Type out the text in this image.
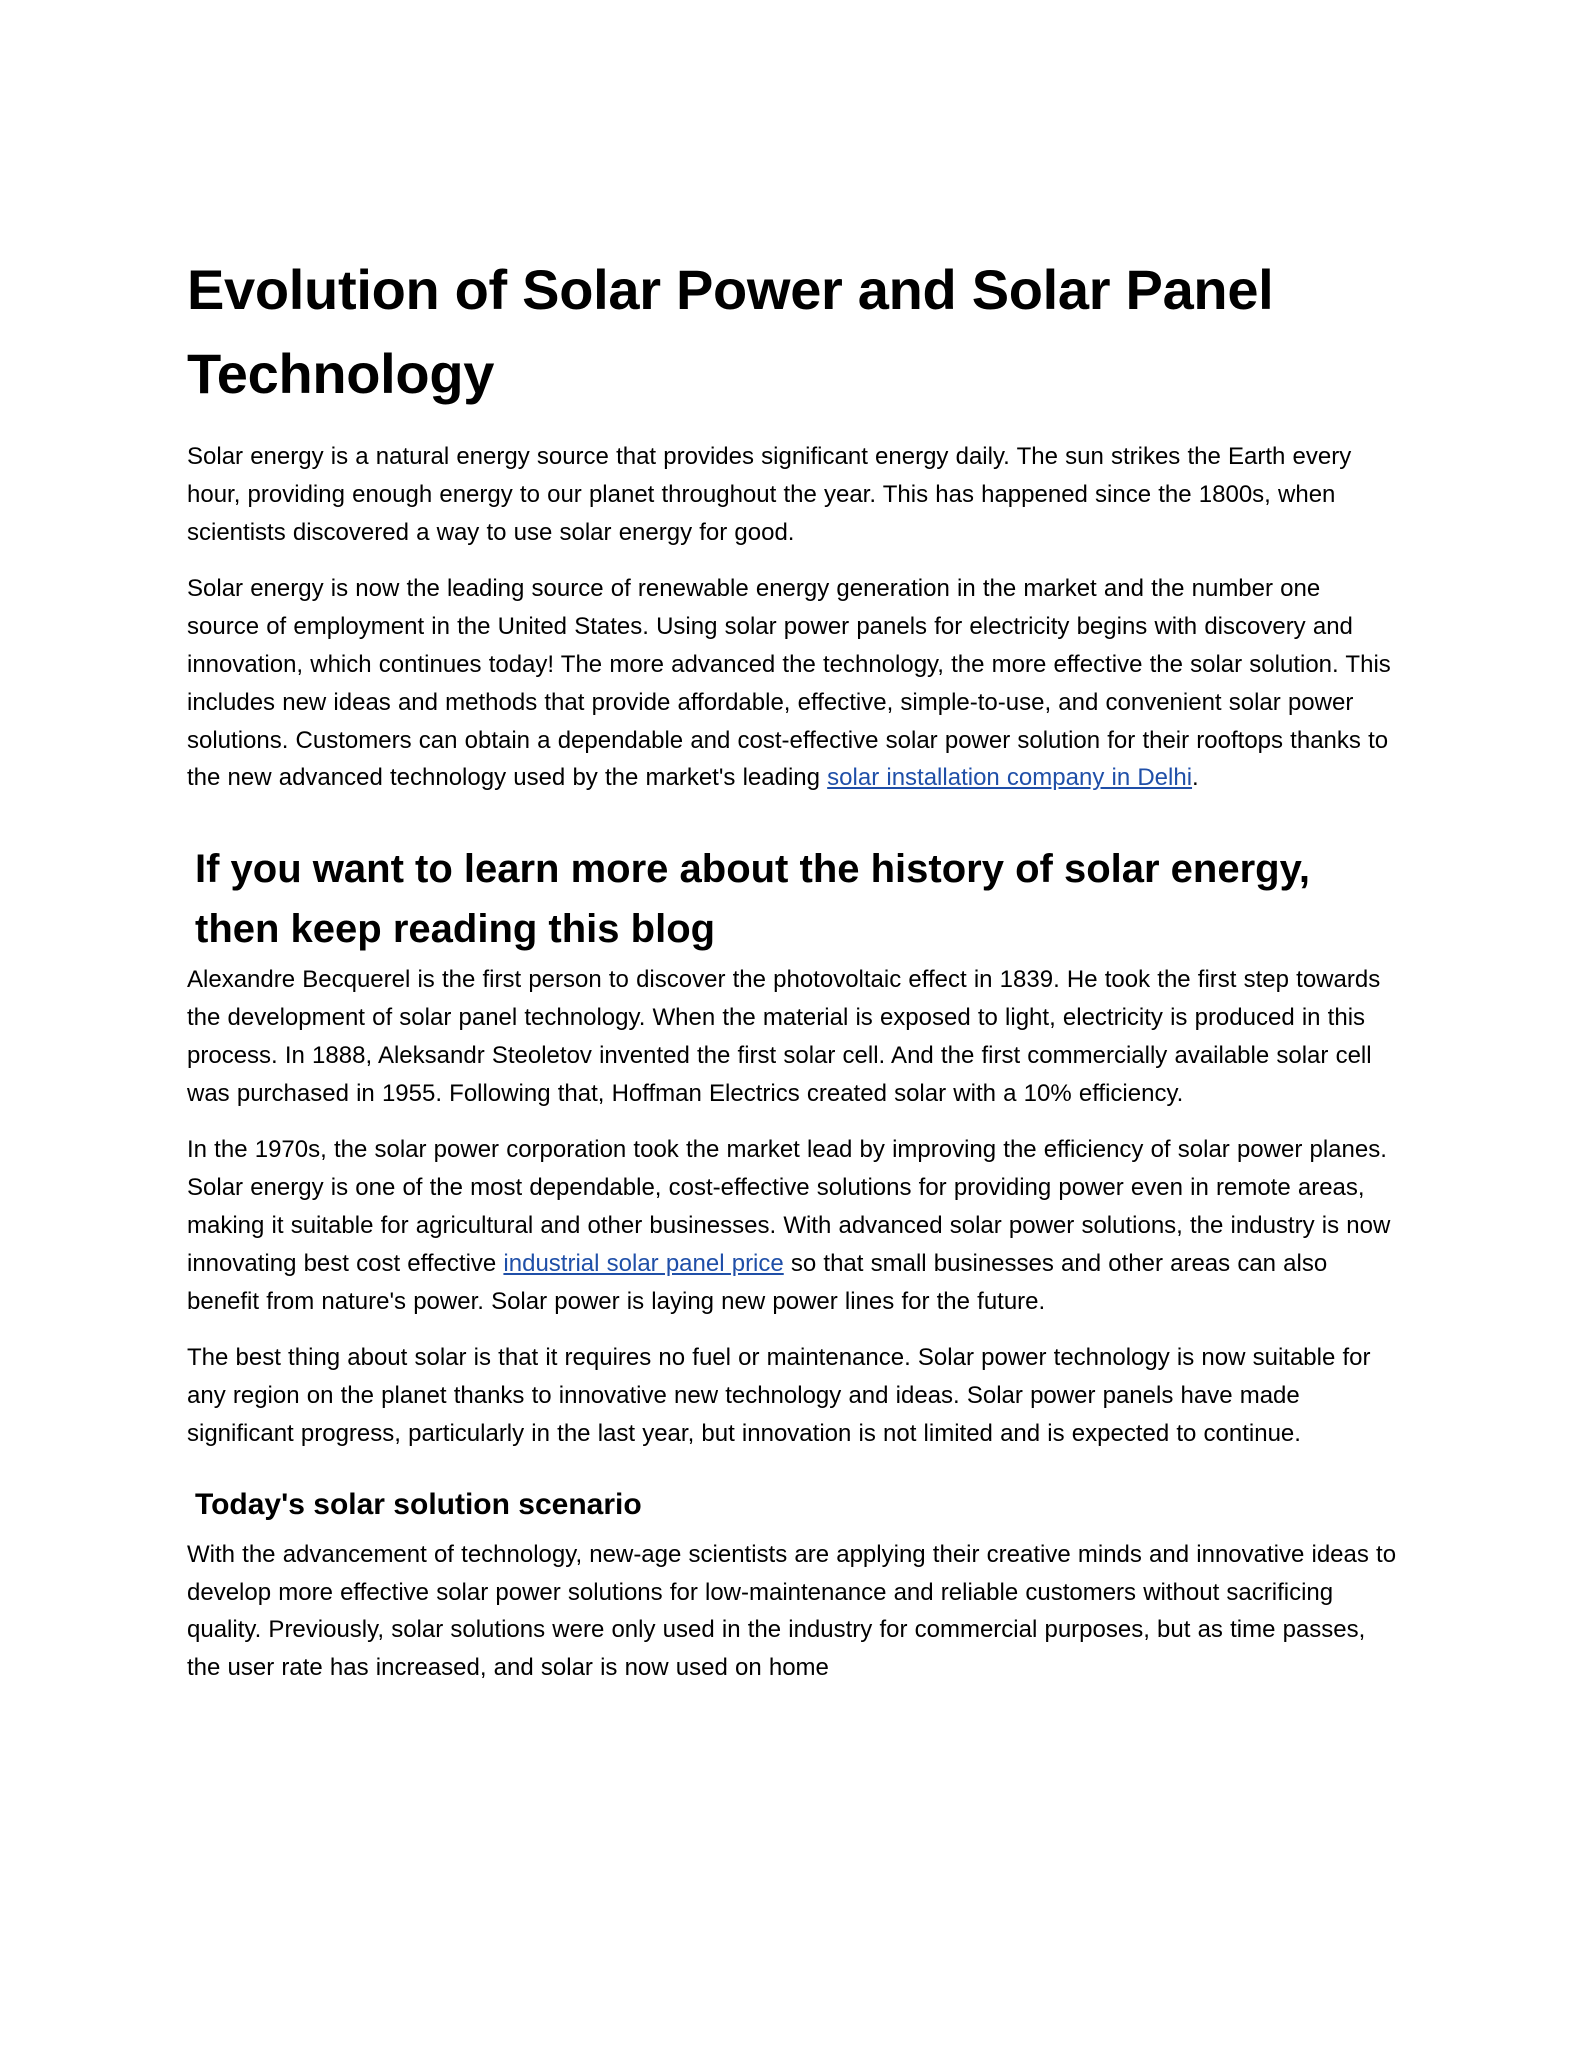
Evolution of Solar Power and Solar Panel Technology

Solar energy is a natural energy source that provides significant energy daily. The sun strikes the Earth every hour, providing enough energy to our planet throughout the year. This has happened since the 1800s, when scientists discovered a way to use solar energy for good.

Solar energy is now the leading source of renewable energy generation in the market and the number one source of employment in the United States. Using solar power panels for electricity begins with discovery and innovation, which continues today! The more advanced the technology, the more effective the solar solution. This includes new ideas and methods that provide affordable, effective, simple-to-use, and convenient solar power solutions. Customers can obtain a dependable and cost-effective solar power solution for their rooftops thanks to the new advanced technology used by the market's leading solar installation company in Delhi.

If you want to learn more about the history of solar energy, then keep reading this blog

Alexandre Becquerel is the first person to discover the photovoltaic effect in 1839. He took the first step towards the development of solar panel technology. When the material is exposed to light, electricity is produced in this process. In 1888, Aleksandr Steoletov invented the first solar cell. And the first commercially available solar cell was purchased in 1955. Following that, Hoffman Electrics created solar with a 10% efficiency.

In the 1970s, the solar power corporation took the market lead by improving the efficiency of solar power planes. Solar energy is one of the most dependable, cost-effective solutions for providing power even in remote areas, making it suitable for agricultural and other businesses. With advanced solar power solutions, the industry is now innovating best cost effective industrial solar panel price so that small businesses and other areas can also benefit from nature's power. Solar power is laying new power lines for the future.

The best thing about solar is that it requires no fuel or maintenance. Solar power technology is now suitable for any region on the planet thanks to innovative new technology and ideas. Solar power panels have made significant progress, particularly in the last year, but innovation is not limited and is expected to continue.

Today's solar solution scenario

With the advancement of technology, new-age scientists are applying their creative minds and innovative ideas to develop more effective solar power solutions for low-maintenance and reliable customers without sacrificing quality. Previously, solar solutions were only used in the industry for commercial purposes, but as time passes, the user rate has increased, and solar is now used on home
